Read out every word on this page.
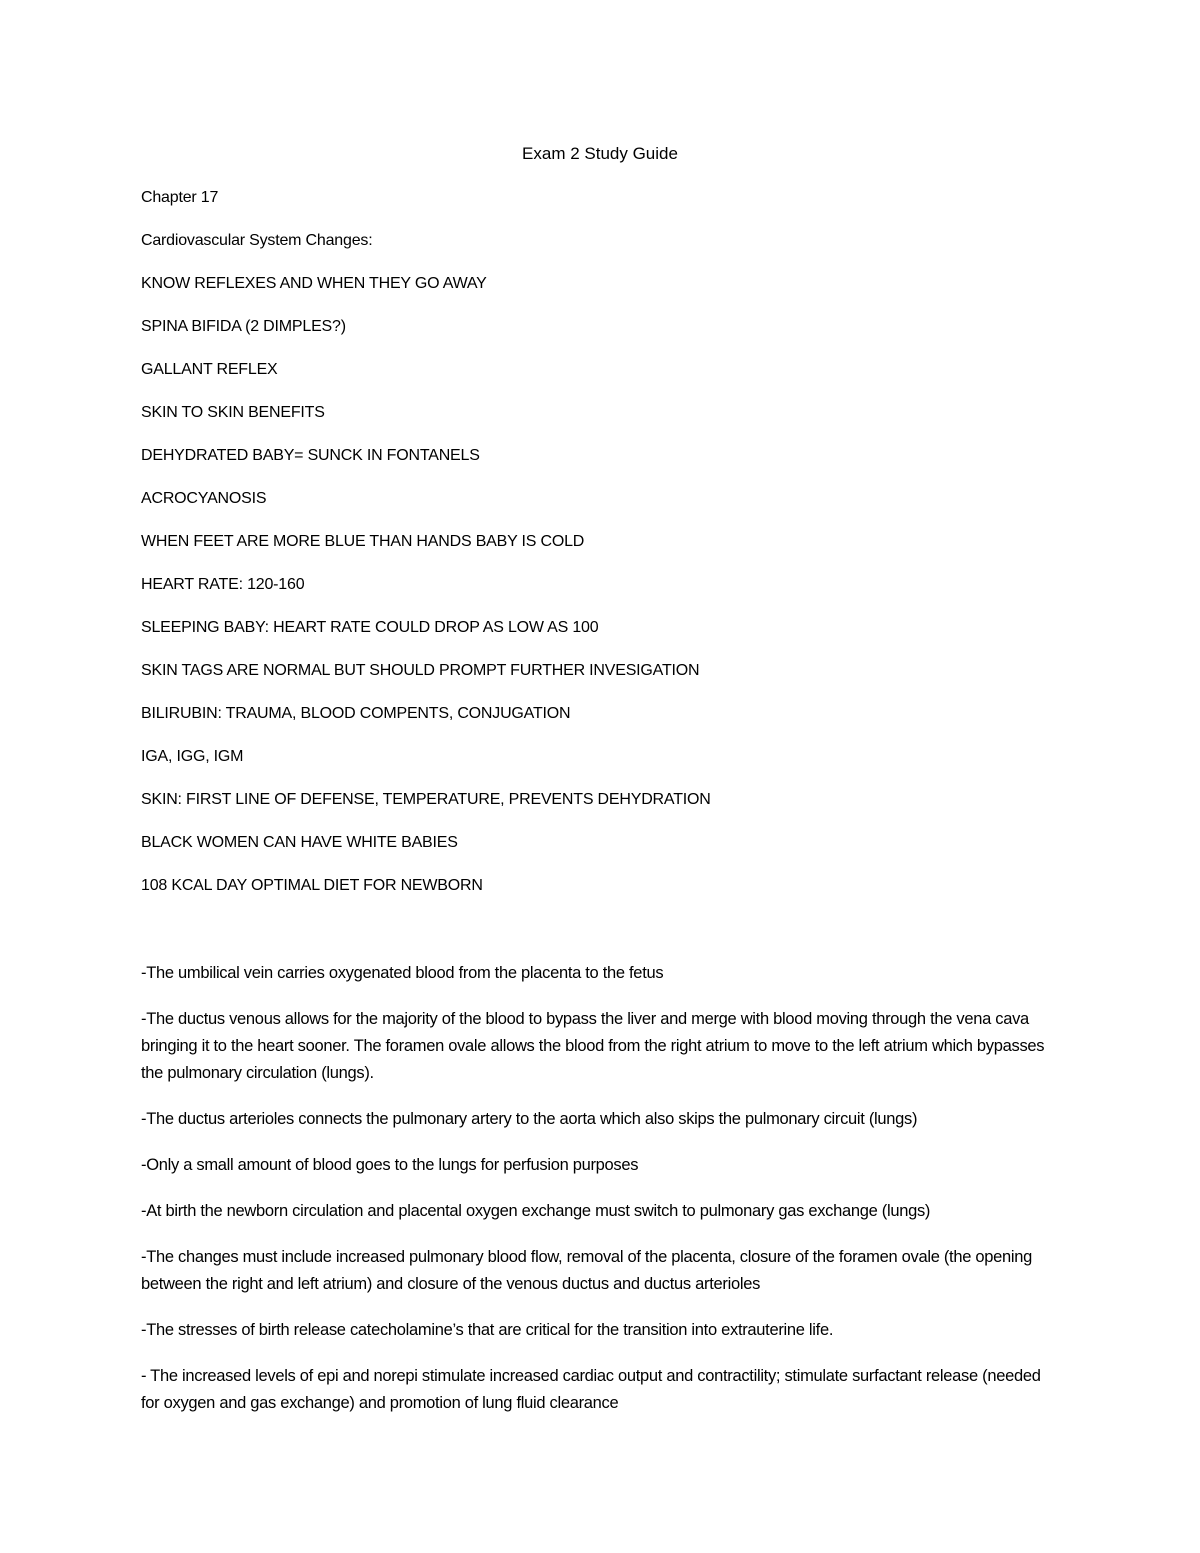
Exam 2 Study Guide
Chapter 17
Cardiovascular System Changes:
KNOW REFLEXES AND WHEN THEY GO AWAY
SPINA BIFIDA (2 DIMPLES?)
GALLANT REFLEX
SKIN TO SKIN BENEFITS
DEHYDRATED BABY= SUNCK IN FONTANELS
ACROCYANOSIS
WHEN FEET ARE MORE BLUE THAN HANDS BABY IS COLD
HEART RATE: 120-160
SLEEPING BABY: HEART RATE COULD DROP AS LOW AS 100
SKIN TAGS ARE NORMAL BUT SHOULD PROMPT FURTHER INVESIGATION
BILIRUBIN: TRAUMA, BLOOD COMPENTS, CONJUGATION
IGA, IGG, IGM
SKIN: FIRST LINE OF DEFENSE, TEMPERATURE, PREVENTS DEHYDRATION
BLACK WOMEN CAN HAVE WHITE BABIES
108 KCAL DAY OPTIMAL DIET FOR NEWBORN
-The umbilical vein carries oxygenated blood from the placenta to the fetus
-The ductus venous allows for the majority of the blood to bypass the liver and merge with blood moving through the vena cava bringing it to the heart sooner. The foramen ovale allows the blood from the right atrium to move to the left atrium which bypasses the pulmonary circulation (lungs).
-The ductus arterioles connects the pulmonary artery to the aorta which also skips the pulmonary circuit (lungs)
-Only a small amount of blood goes to the lungs for perfusion purposes
-At birth the newborn circulation and placental oxygen exchange must switch to pulmonary gas exchange (lungs)
-The changes must include increased pulmonary blood flow, removal of the placenta, closure of the foramen ovale (the opening between the right and left atrium) and closure of the venous ductus and ductus arterioles
-The stresses of birth release catecholamine’s that are critical for the transition into extrauterine life.
- The increased levels of epi and norepi stimulate increased cardiac output and contractility; stimulate surfactant release (needed for oxygen and gas exchange) and promotion of lung fluid clearance
